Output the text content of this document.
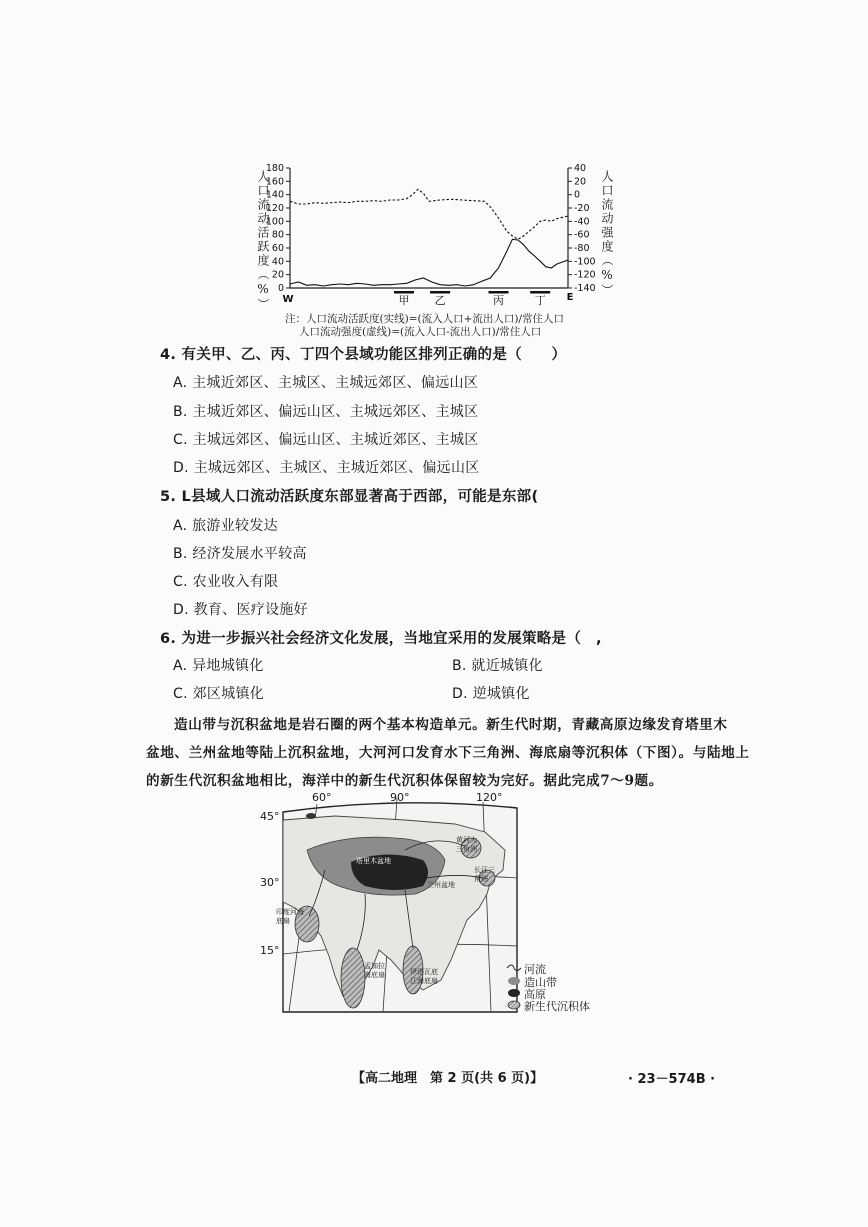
人口流动活跃度（%）	人口流动强度（%）
0
20
40
60
80
100
120
140
160
180	40
20
0
-20
-40
-60
-80
-100
-120
-140
甲 乙	丙	丁
W	E
注：人口流动活跃度(实线)=(流入人口+流出人口)/常住人口
人口流动强度(虚线)=(流入人口-流出人口)/常住人口
4. 有关甲、乙、丙、丁四个县域功能区排列正确的是（　　）
A. 主城近郊区、主城区、主城远郊区、偏远山区
B. 主城近郊区、偏远山区、主城远郊区、主城区
C. 主城远郊区、偏远山区、主城近郊区、主城区
D. 主城远郊区、主城区、主城近郊区、偏远山区
5. L县域人口流动活跃度东部显著高于西部，可能是东部(
A. 旅游业较发达
B. 经济发展水平较高
C. 农业收入有限
D. 教育、医疗设施好
6. 为进一步振兴社会经济文化发展，当地宜采用的发展策略是（　,
A. 异地城镇化	B. 就近城镇化
C. 郊区城镇化	D. 逆城镇化
造山带与沉积盆地是岩石圈的两个基本构造单元。新生代时期，青藏高原边缘发育塔里木
盆地、兰州盆地等陆上沉积盆地，大河河口发育水下三角洲、海底扇等沉积体（下图）。与陆地上
的新生代沉积盆地相比，海洋中的新生代沉积体保留较为完好。据此完成7～9题。
60°	90°	120°
45°
30°
15°
塔里木盆地
兰州盆地
黄河大三角洲
长江三角洲
印度河海底扇
孟加拉海底扇	伊洛瓦底江海底扇
河流
造山带
高原
新生代沉积体
【高二地理　第 2 页(共 6 页)】	· 23－574B ·
